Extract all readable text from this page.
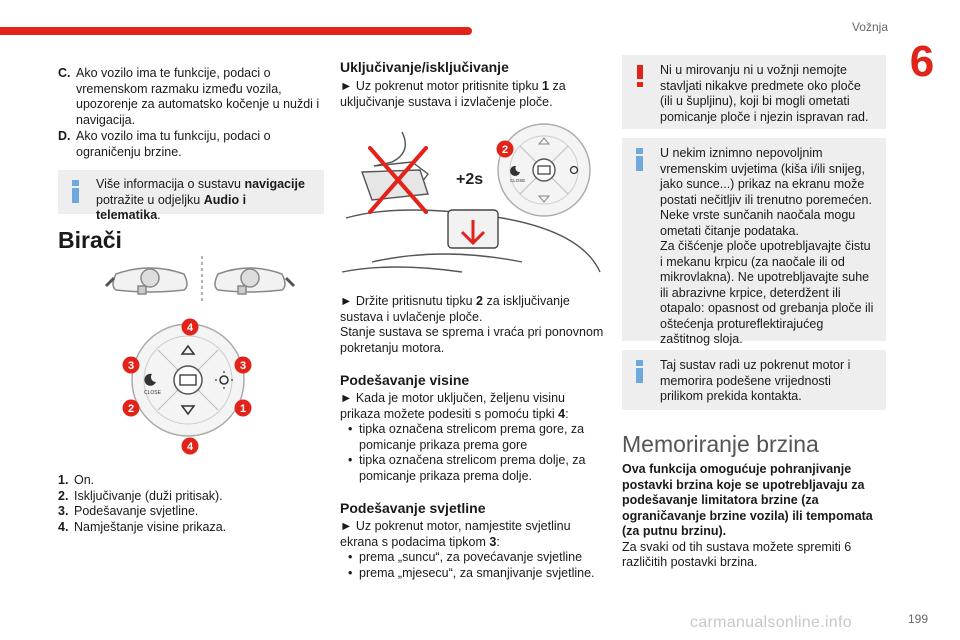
Vožnja
6
C. Ako vozilo ima te funkcije, podaci o vremenskom razmaku između vozila, upozorenje za automatsko kočenje u nuždi i navigacija.
D. Ako vozilo ima tu funkciju, podaci o ograničenju brzine.
Više informacija o sustavu navigacije potražite u odjeljku Audio i telematika.
Birači
CLOSE
4
3	3
2	1
4
1. On.
2. Isključivanje (duži pritisak).
3. Podešavanje svjetline.
4. Namještanje visine prikaza.
Uključivanje/isključivanje
► Uz pokrenut motor pritisnite tipku 1 za uključivanje sustava i izvlačenje ploče.
CLOSE
2
+2s
► Držite pritisnutu tipku 2 za isključivanje sustava i uvlačenje ploče.
Stanje sustava se sprema i vraća pri ponovnom pokretanju motora.
Podešavanje visine
► Kada je motor uključen, željenu visinu prikaza možete podesiti s pomoću tipki 4:
• tipka označena strelicom prema gore, za pomicanje prikaza prema gore
• tipka označena strelicom prema dolje, za pomicanje prikaza prema dolje.
Podešavanje svjetline
► Uz pokrenut motor, namjestite svjetlinu ekrana s podacima tipkom 3:
• prema „suncu“, za povećavanje svjetline
• prema „mjesecu“, za smanjivanje svjetline.
Ni u mirovanju ni u vožnji nemojte stavljati nikakve predmete oko ploče (ili u šupljinu), koji bi mogli ometati pomicanje ploče i njezin ispravan rad.
U nekim iznimno nepovoljnim vremenskim uvjetima (kiša i/ili snijeg, jako sunce...) prikaz na ekranu može postati nečitljiv ili trenutno poremećen.
Neke vrste sunčanih naočala mogu ometati čitanje podataka.
Za čišćenje ploče upotrebljavajte čistu i mekanu krpicu (za naočale ili od mikrovlakna). Ne upotrebljavajte suhe ili abrazivne krpice, deterdžent ili otapalo: opasnost od grebanja ploče ili oštećenja protureflektirajućeg zaštitnog sloja.
Taj sustav radi uz pokrenut motor i memorira podešene vrijednosti prilikom prekida kontakta.
Memoriranje brzina
Ova funkcija omogućuje pohranjivanje postavki brzina koje se upotrebljavaju za podešavanje limitatora brzine (za ograničavanje brzine vozila) ili tempomata (za putnu brzinu).
Za svaki od tih sustava možete spremiti 6 različitih postavki brzina.
199
carmanualsonline.info
